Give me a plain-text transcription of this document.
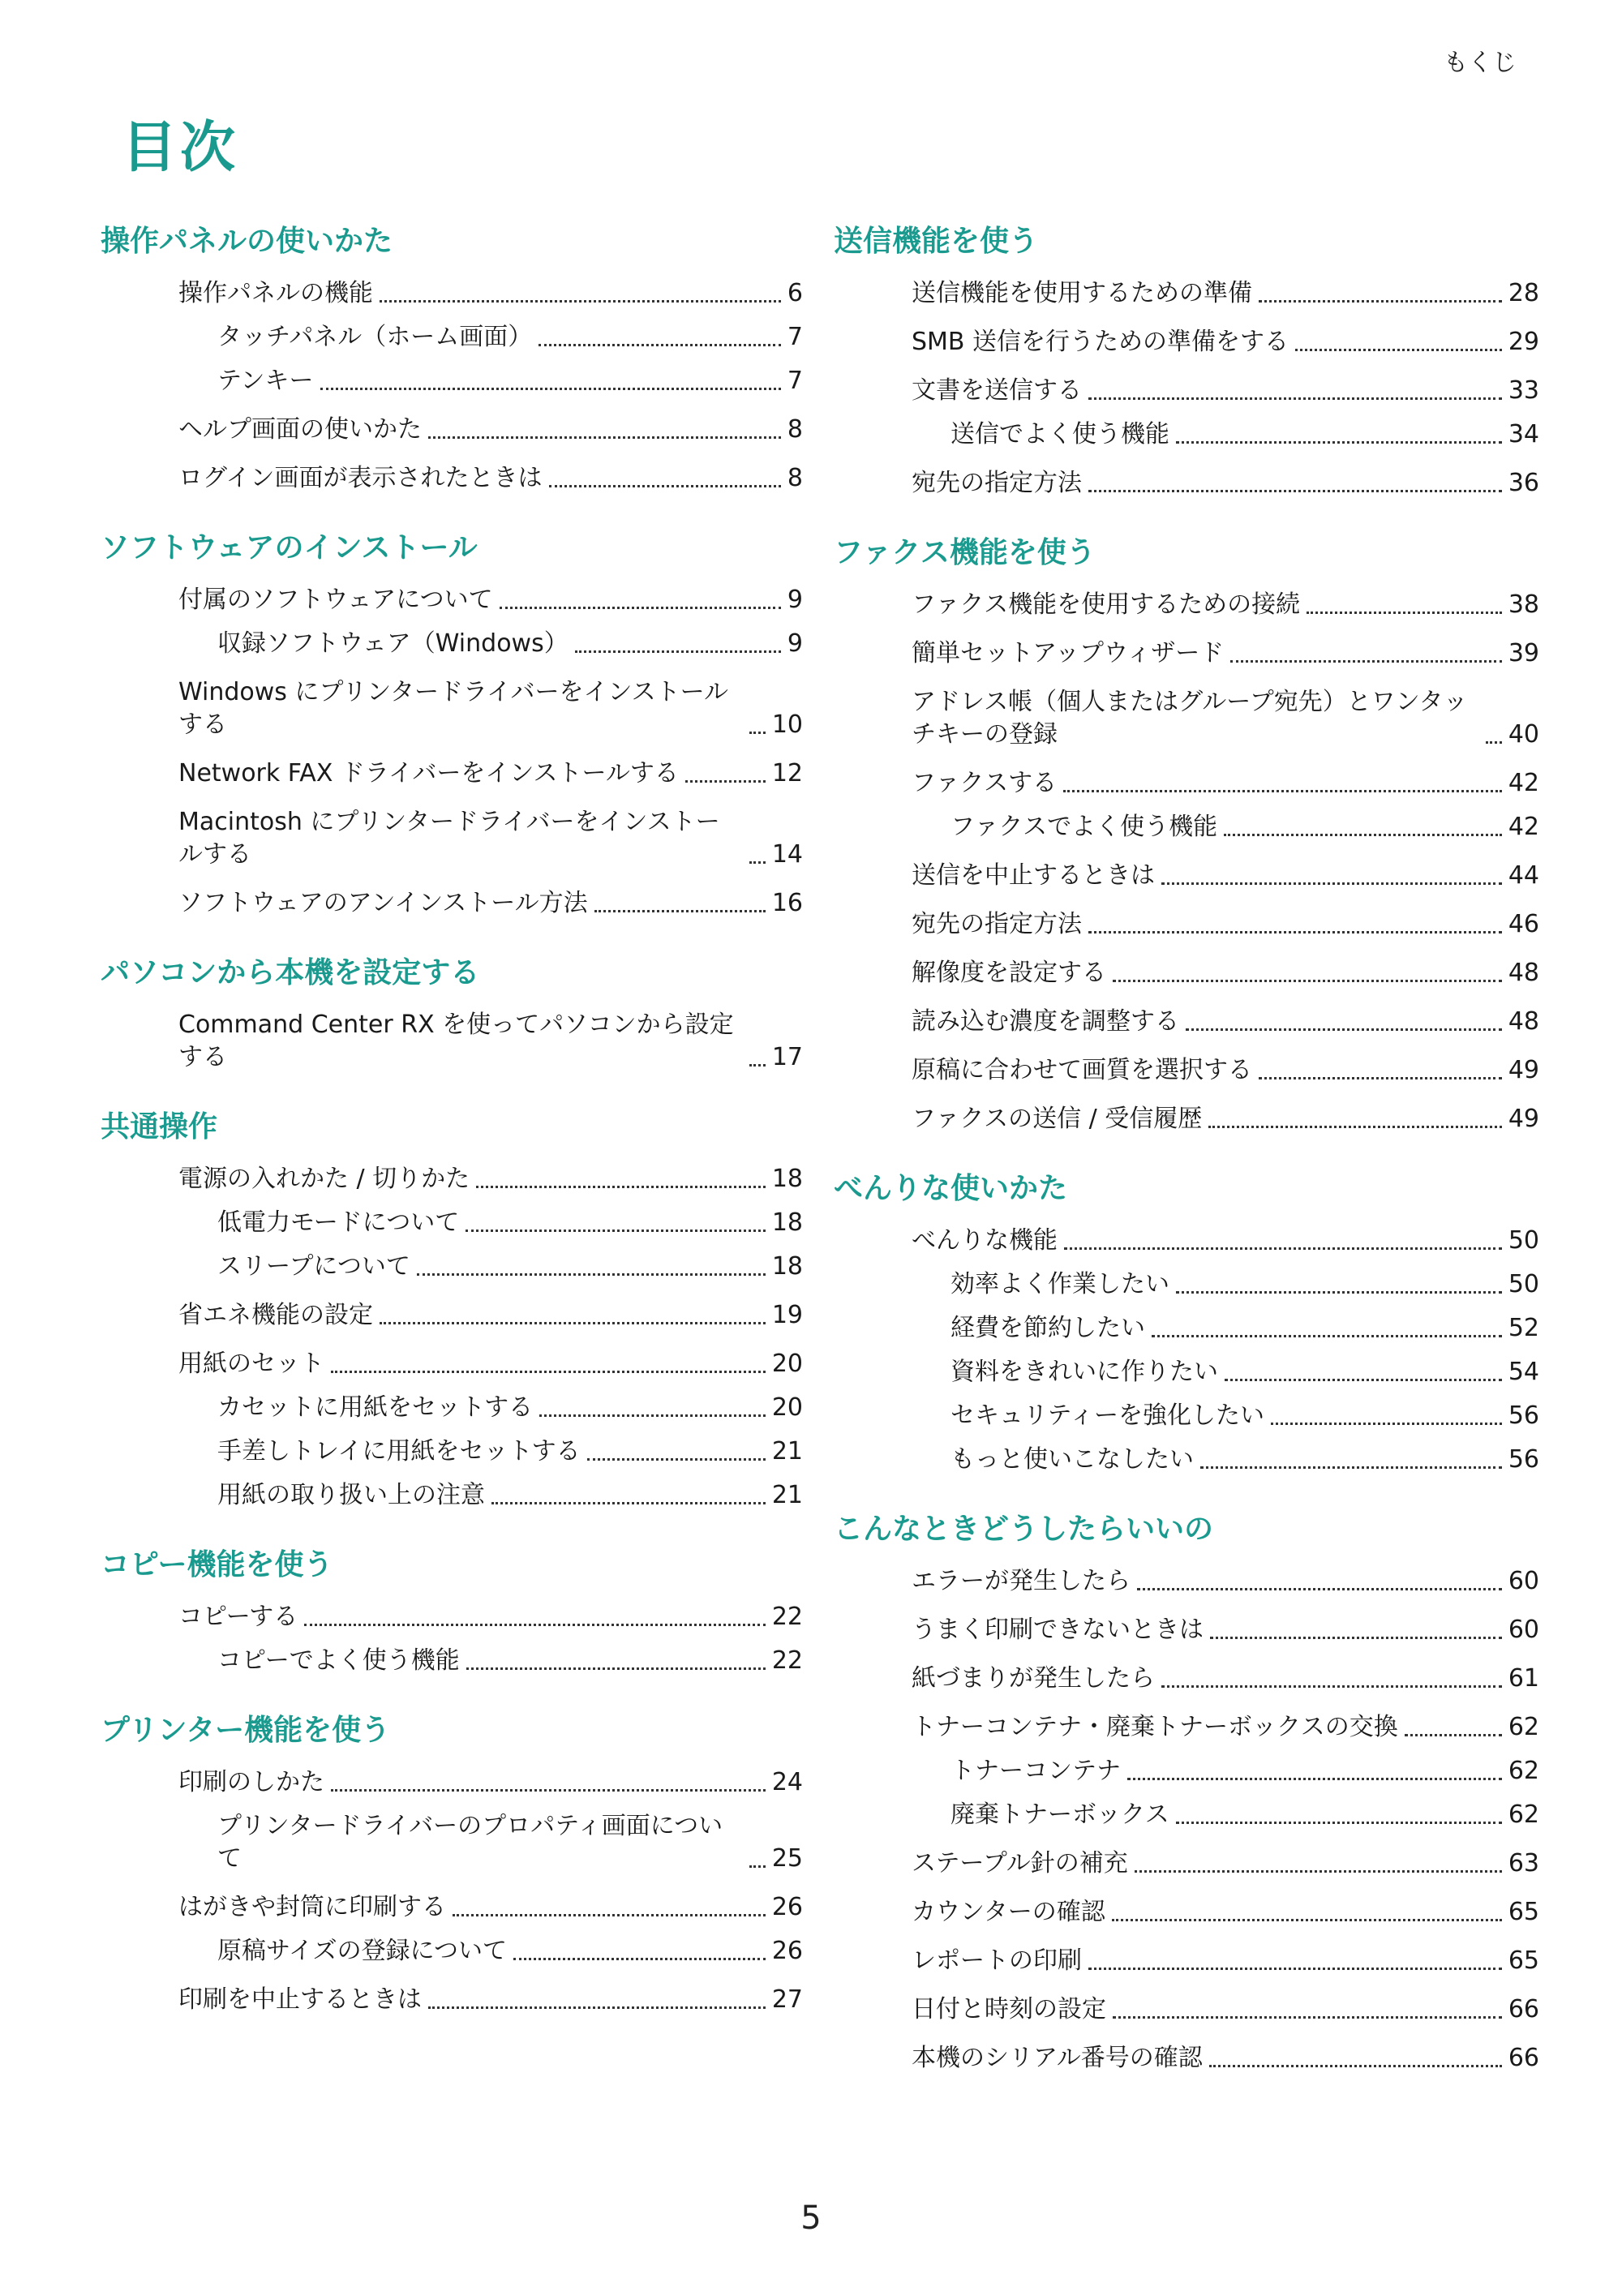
もくじ
目次
操作パネルの使いかた
操作パネルの機能	6
タッチパネル（ホーム画面）	7
テンキー	7
ヘルプ画面の使いかた	8
ログイン画面が表示されたときは	8
ソフトウェアのインストール
付属のソフトウェアについて	9
収録ソフトウェア（Windows）	9
Windows にプリンタードライバーをインストールする	10
Network FAX ドライバーをインストールする	12
Macintosh にプリンタードライバーをインストールする	14
ソフトウェアのアンインストール方法	16
パソコンから本機を設定する
Command Center RX を使ってパソコンから設定する	17
共通操作
電源の入れかた / 切りかた	18
低電力モードについて	18
スリープについて	18
省エネ機能の設定	19
用紙のセット	20
カセットに用紙をセットする	20
手差しトレイに用紙をセットする	21
用紙の取り扱い上の注意	21
コピー機能を使う
コピーする	22
コピーでよく使う機能	22
プリンター機能を使う
印刷のしかた	24
プリンタードライバーのプロパティ画面について	25
はがきや封筒に印刷する	26
原稿サイズの登録について	26
印刷を中止するときは	27
送信機能を使う
送信機能を使用するための準備	28
SMB 送信を行うための準備をする	29
文書を送信する	33
送信でよく使う機能	34
宛先の指定方法	36
ファクス機能を使う
ファクス機能を使用するための接続	38
簡単セットアップウィザード	39
アドレス帳（個人またはグループ宛先）とワンタッチキーの登録	40
ファクスする	42
ファクスでよく使う機能	42
送信を中止するときは	44
宛先の指定方法	46
解像度を設定する	48
読み込む濃度を調整する	48
原稿に合わせて画質を選択する	49
ファクスの送信 / 受信履歴	49
べんりな使いかた
べんりな機能	50
効率よく作業したい	50
経費を節約したい	52
資料をきれいに作りたい	54
セキュリティーを強化したい	56
もっと使いこなしたい	56
こんなときどうしたらいいの
エラーが発生したら	60
うまく印刷できないときは	60
紙づまりが発生したら	61
トナーコンテナ・廃棄トナーボックスの交換	62
トナーコンテナ	62
廃棄トナーボックス	62
ステープル針の補充	63
カウンターの確認	65
レポートの印刷	65
日付と時刻の設定	66
本機のシリアル番号の確認	66
5
